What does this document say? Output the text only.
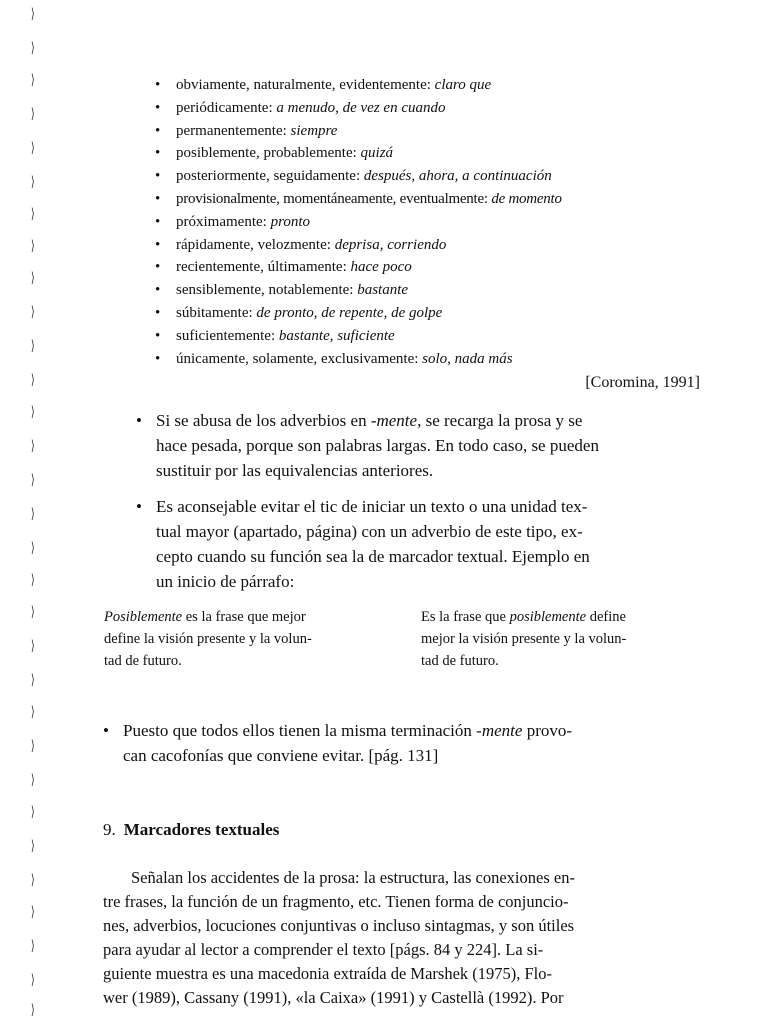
⟩
⟩
⟩
⟩
⟩
⟩
⟩
⟩
⟩
⟩
⟩
⟩
⟩
⟩
⟩
⟩
⟩
⟩
⟩
⟩
⟩
⟩
⟩
⟩
⟩
⟩
⟩
⟩
⟩
⟩
⟩
• obviamente, naturalmente, evidentemente: claro que
• periódicamente: a menudo, de vez en cuando
• permanentemente: siempre
• posiblemente, probablemente: quizá
• posteriormente, seguidamente: después, ahora, a continuación
• provisionalmente, momentáneamente, eventualmente: de momento
• próximamente: pronto
• rápidamente, velozmente: deprisa, corriendo
• recientemente, últimamente: hace poco
• sensiblemente, notablemente: bastante
• súbitamente: de pronto, de repente, de golpe
• suficientemente: bastante, suficiente
• únicamente, solamente, exclusivamente: solo, nada más
[Coromina, 1991]
• Si se abusa de los adverbios en -mente, se recarga la prosa y se
hace pesada, porque son palabras largas. En todo caso, se pueden
sustituir por las equivalencias anteriores.
• Es aconsejable evitar el tic de iniciar un texto o una unidad tex-
tual mayor (apartado, página) con un adverbio de este tipo, ex-
cepto cuando su función sea la de marcador textual. Ejemplo en
un inicio de párrafo:
Posiblemente es la frase que mejor
define la visión presente y la volun-
tad de futuro.
Es la frase que posiblemente define
mejor la visión presente y la volun-
tad de futuro.
• Puesto que todos ellos tienen la misma terminación -mente provo-
can cacofonías que conviene evitar. [pág. 131]
9. Marcadores textuales
Señalan los accidentes de la prosa: la estructura, las conexiones en-
tre frases, la función de un fragmento, etc. Tienen forma de conjuncio-
nes, adverbios, locuciones conjuntivas o incluso sintagmas, y son útiles
para ayudar al lector a comprender el texto [págs. 84 y 224]. La si-
guiente muestra es una macedonia extraída de Marshek (1975), Flo-
wer (1989), Cassany (1991), «la Caixa» (1991) y Castellà (1992). Por
